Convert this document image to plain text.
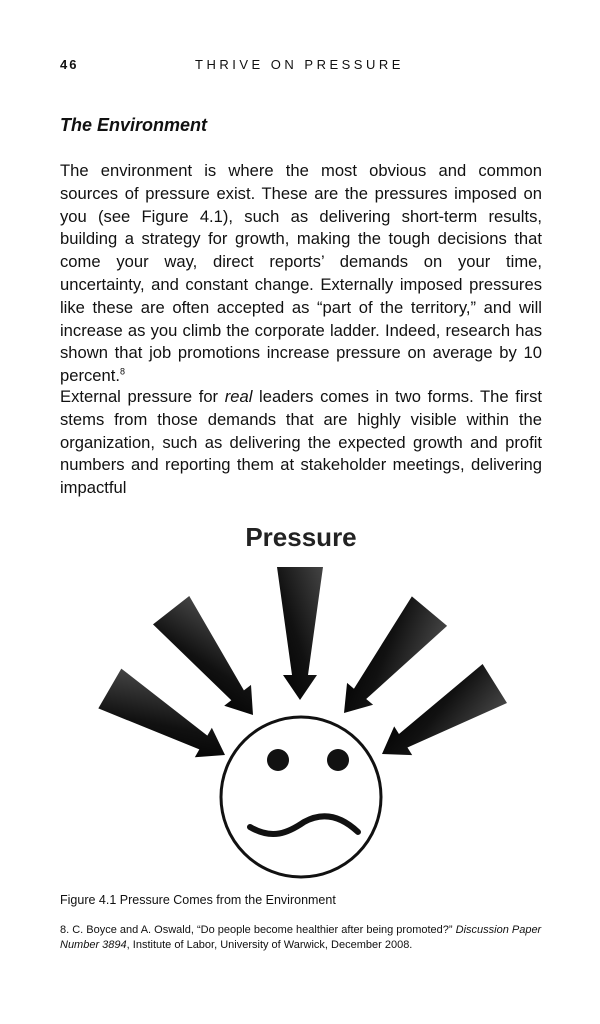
46	THRIVE ON PRESSURE
The Environment

The environment is where the most obvious and common sources of pressure exist. These are the pressures imposed on you (see Figure 4.1), such as delivering short-term results, building a strategy for growth, making the tough decisions that come your way, direct reports’ demands on your time, uncertainty, and constant change. Externally imposed pressures like these are often accepted as “part of the territory,” and will increase as you climb the corporate ladder. Indeed, research has shown that job promotions increase pressure on average by 10 percent.$^8$

External pressure for real leaders comes in two forms. The first stems from those demands that are highly visible within the organization, such as delivering the expected growth and profit numbers and reporting them at stakeholder meetings, delivering impactful

Pressure
Figure 4.1 Pressure Comes from the Environment

8. C. Boyce and A. Oswald, “Do people become healthier after being promoted?” Discussion Paper Number 3894, Institute of Labor, University of Warwick, December 2008.
